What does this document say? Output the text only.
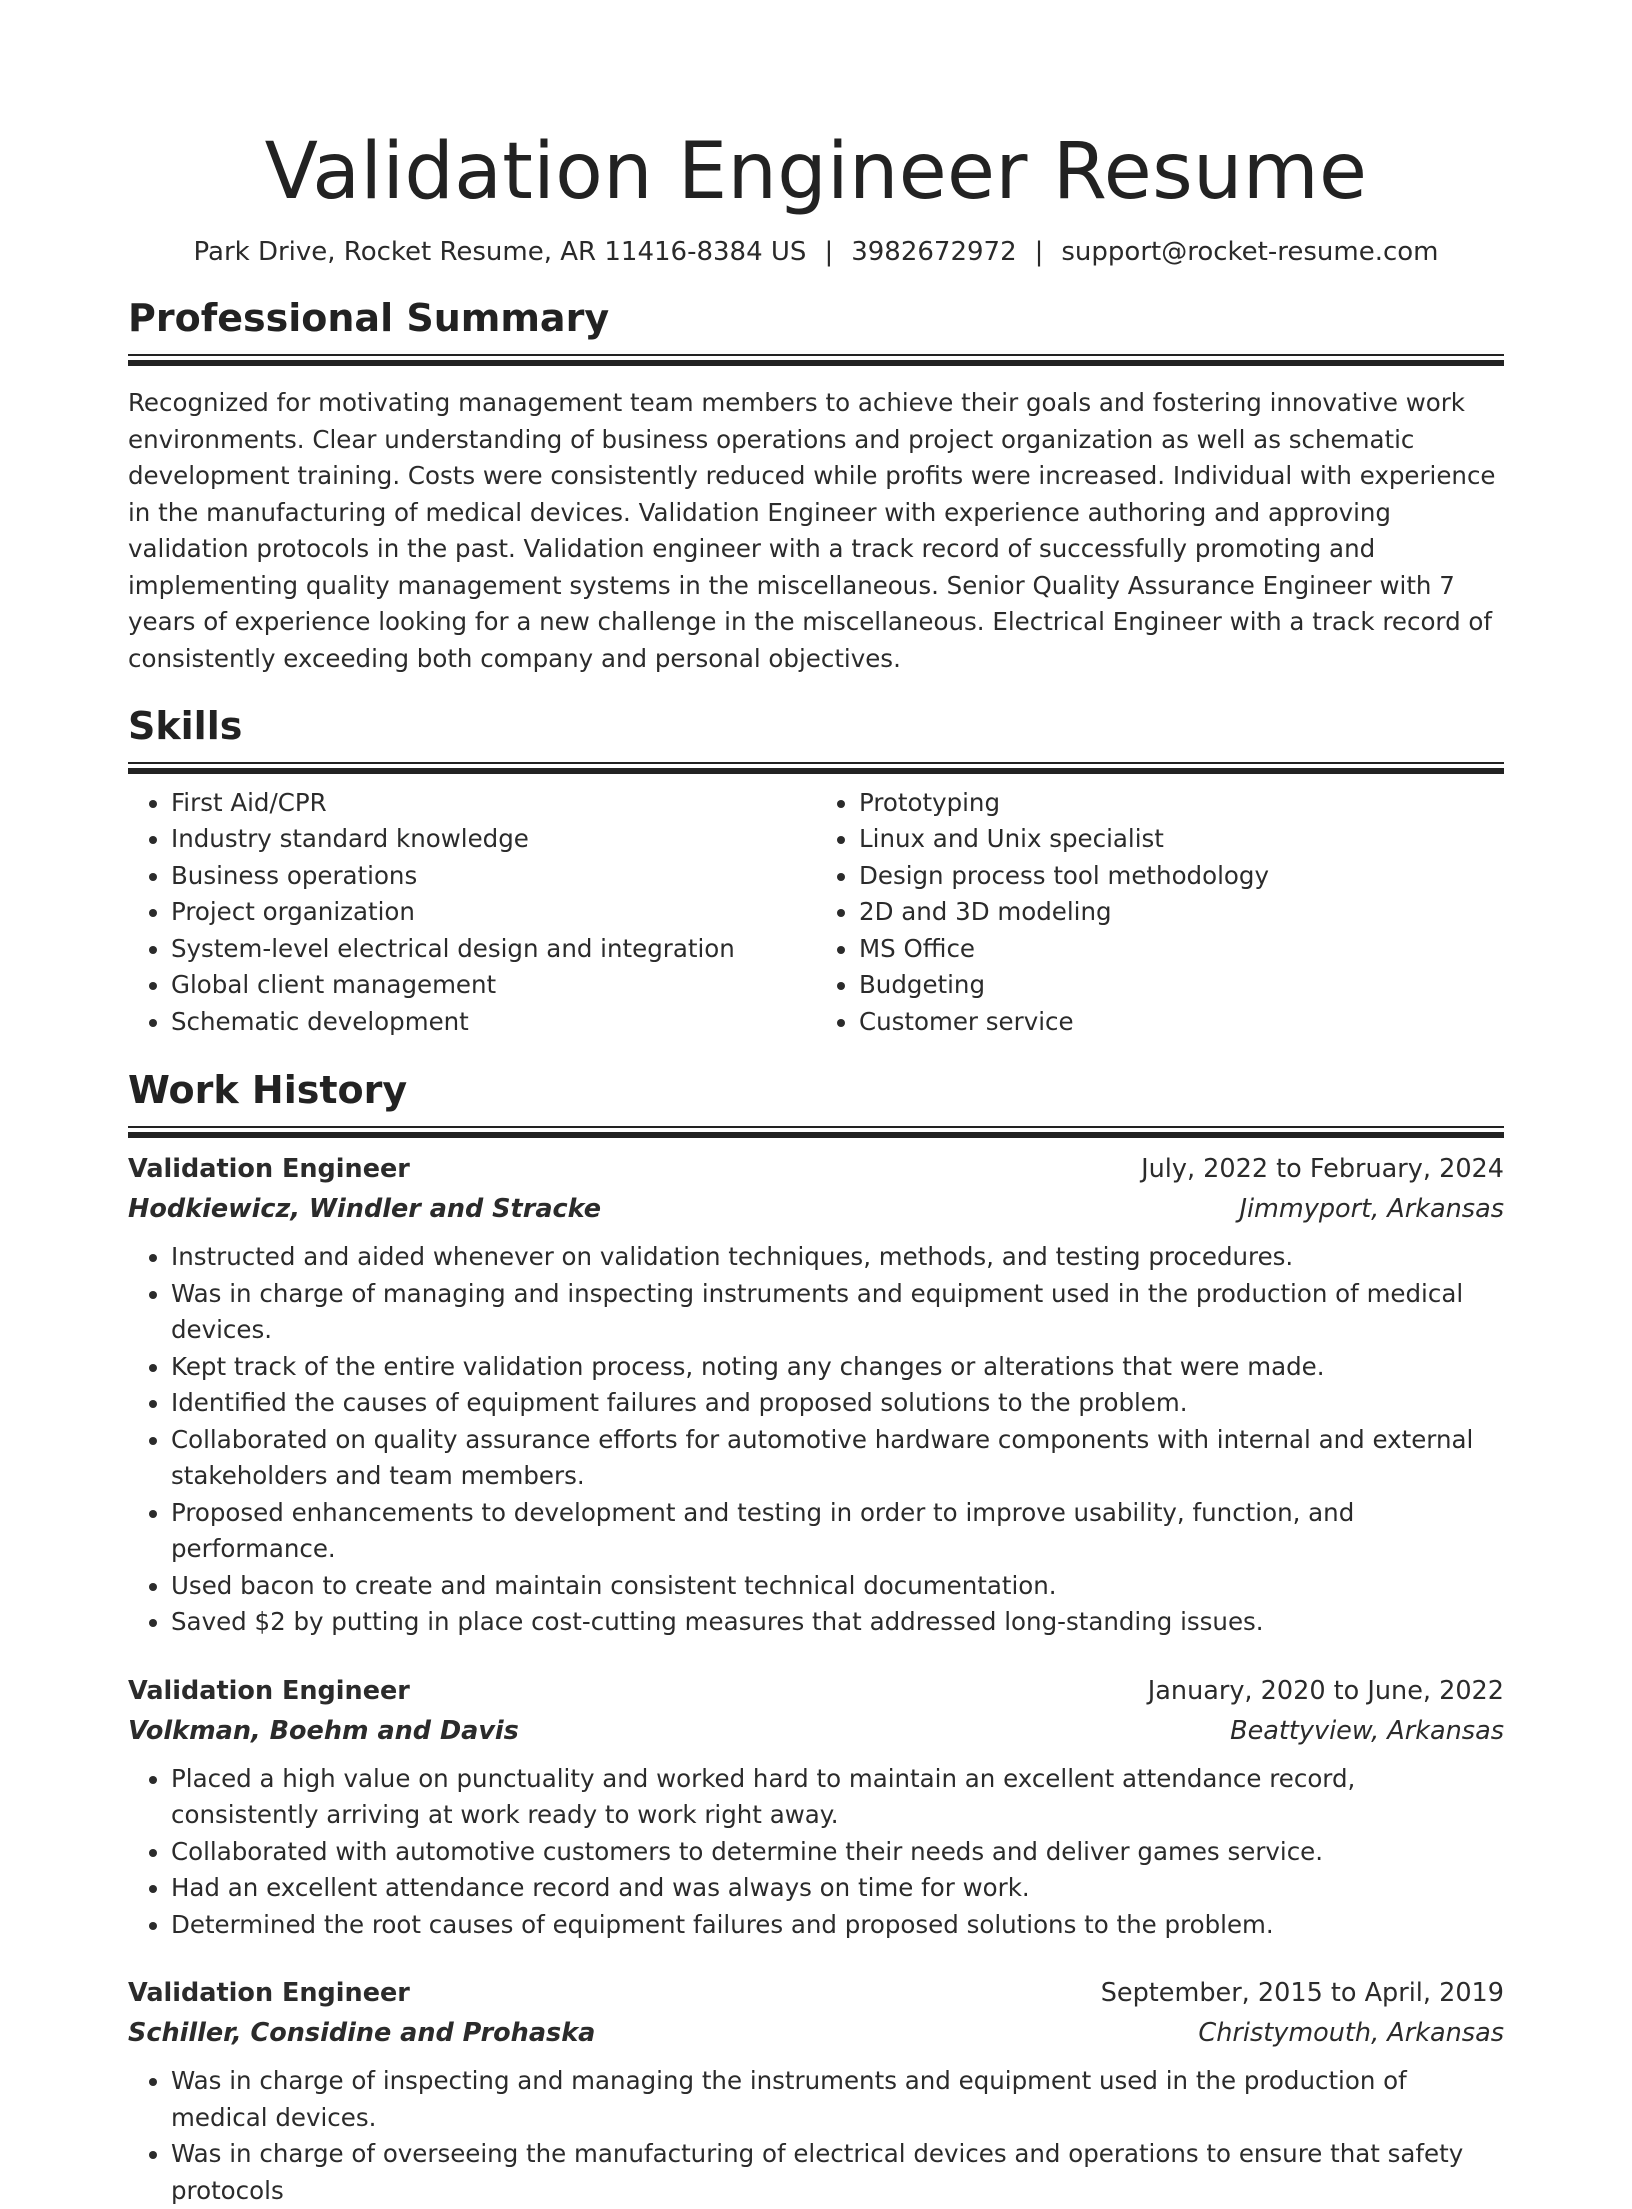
Validation Engineer Resume
Park Drive, Rocket Resume, AR 11416-8384 US | 3982672972 | support@rocket-resume.com
Professional Summary

Recognized for motivating management team members to achieve their goals and fostering innovative work environments. Clear understanding of business operations and project organization as well as schematic development training. Costs were consistently reduced while profits were increased. Individual with experience in the manufacturing of medical devices. Validation Engineer with experience authoring and approving validation protocols in the past. Validation engineer with a track record of successfully promoting and implementing quality management systems in the miscellaneous. Senior Quality Assurance Engineer with 7 years of experience looking for a new challenge in the miscellaneous. Electrical Engineer with a track record of consistently exceeding both company and personal objectives.

Skills
• First Aid/CPR
• Industry standard knowledge
• Business operations
• Project organization
• System-level electrical design and integration
• Global client management
• Schematic development
• Prototyping
• Linux and Unix specialist
• Design process tool methodology
• 2D and 3D modeling
• MS Office
• Budgeting
• Customer service
Work History
Validation Engineer	July, 2022 to February, 2024
Hodkiewicz, Windler and Stracke	Jimmyport, Arkansas
• Instructed and aided whenever on validation techniques, methods, and testing procedures.
• Was in charge of managing and inspecting instruments and equipment used in the production of medical devices.
• Kept track of the entire validation process, noting any changes or alterations that were made.
• Identified the causes of equipment failures and proposed solutions to the problem.
• Collaborated on quality assurance efforts for automotive hardware components with internal and external stakeholders and team members.
• Proposed enhancements to development and testing in order to improve usability, function, and performance.
• Used bacon to create and maintain consistent technical documentation.
• Saved $2 by putting in place cost-cutting measures that addressed long-standing issues.
Validation Engineer	January, 2020 to June, 2022
Volkman, Boehm and Davis	Beattyview, Arkansas
• Placed a high value on punctuality and worked hard to maintain an excellent attendance record, consistently arriving at work ready to work right away.
• Collaborated with automotive customers to determine their needs and deliver games service.
• Had an excellent attendance record and was always on time for work.
• Determined the root causes of equipment failures and proposed solutions to the problem.
Validation Engineer	September, 2015 to April, 2019
Schiller, Considine and Prohaska	Christymouth, Arkansas
• Was in charge of inspecting and managing the instruments and equipment used in the production of medical devices.
• Was in charge of overseeing the manufacturing of electrical devices and operations to ensure that safety protocols
